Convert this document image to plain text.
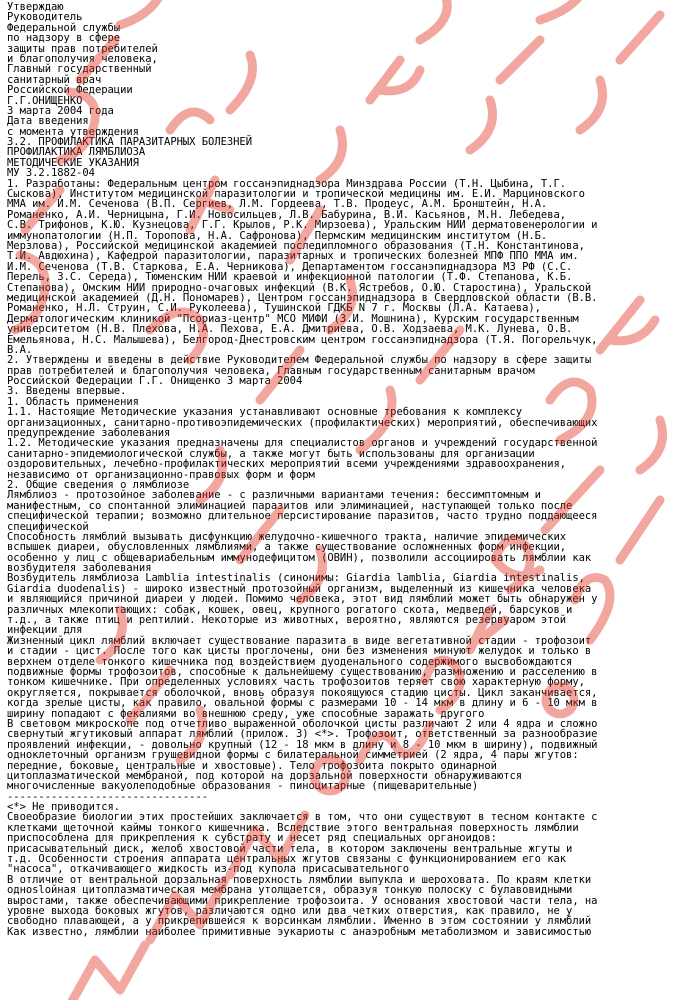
Утверждаю
Руководитель
Федеральной службы
по надзору в сфере
защиты прав потребителей
и благополучия человека,
Главный государственный
санитарный врач
Российской Федерации
Г.Г.ОНИЩЕНКО
3 марта 2004 года
Дата введения
с момента утверждения
3.2. ПРОФИЛАКТИКА ПАРАЗИТАРНЫХ БОЛЕЗНЕЙ
ПРОФИЛАКТИКА ЛЯМБЛИОЗА
МЕТОДИЧЕСКИЕ УКАЗАНИЯ
МУ 3.2.1882-04
1. Разработаны: Федеральным центром госсанэпиднадзора Минздрава России (Т.Н. Цыбина, Т.Г.
Сыскова), Институтом медицинской паразитологии и тропической медицины им. Е.И. Марциновского
ММА им. И.М. Сеченова (В.П. Сергиев, Л.М. Гордеева, Т.В. Продеус, А.М. Бронштейн, Н.А.
Романенко, А.И. Черницына, Г.И. Новосильцев, Л.В. Бабурина, В.И. Касьянов, М.Н. Лебедева,
С.В. Трифонов, К.Ю. Кузнецова, Г.Г. Крылов, Р.К. Мирзоева), Уральским НИИ дерматовенерологии и
иммунопатологии (Н.П. Торопова, Н.А. Сафронова), Пермским медицинским институтом (Н.Б.
Мерзлова), Российской медицинской академией последипломного образования (Т.Н. Константинова,
Т.И. Авдюхина), Кафедрой паразитологии, паразитарных и тропических болезней МПФ ППО ММА им.
И.М. Сеченова (Т.В. Старкова, Е.А. Черникова), Департаментом госсанэпиднадзора МЗ РФ (С.С.
Перель, З.С. Середа), Тюменским НИИ краевой и инфекционной патологии (Т.Ф. Степанова, К.Б.
Степанова), Омским НИИ природно-очаговых инфекций (В.К. Ястребов, О.Ю. Старостина), Уральской
медицинской академией (Д.Н. Пономарев), Центром госсанэпиднадзора в Свердловской области (В.В.
Романенко, Н.Л. Струин, С.И. Руколеева), Тушинской ГДКБ N 7 г. Москвы (Л.А. Катаева),
Дерматологическим клиникой "Псориаз-центр" МСО МИФИ (З.И. Мошнина), Курским государственным
университетом (Н.В. Плехова, Н.А. Пехова, Е.А. Дмитриева, О.В. Ходзаева, М.К. Лунева, О.В.
Емельянова, Н.С. Малышева), Белгород-Днестровским центром госсанэпиднадзора (Т.Я. Погорельчук,
В.А.
2. Утверждены и введены в действие Руководителем Федеральной службы по надзору в сфере защиты
прав потребителей и благополучия человека, Главным государственным санитарным врачом
Российской Федерации Г.Г. Онищенко 3 марта 2004
3. Введены впервые.
1. Область применения
1.1. Настоящие Методические указания устанавливают основные требования к комплексу
организационных, санитарно-противоэпидемических (профилактических) мероприятий, обеспечивающих
предупреждение заболевания
1.2. Методические указания предназначены для специалистов органов и учреждений государственной
санитарно-эпидемиологической службы, а также могут быть использованы для организации
оздоровительных, лечебно-профилактических мероприятий всеми учреждениями здравоохранения,
независимо от организационно-правовых форм и форм
2. Общие сведения о лямблиозе
Лямблиоз - протозойное заболевание - с различными вариантами течения: бессимптомным и
манифестным, со спонтанной элиминацией паразитов или элиминацией, наступающей только после
специфической терапии; возможно длительное персистирование паразитов, часто трудно поддающееся
специфической
Способность лямблий вызывать дисфункцию желудочно-кишечного тракта, наличие эпидемических
вспышек диареи, обусловленных лямблиями, а также существование осложненных форм инфекции,
особенно у лиц с общевариабельным иммунодефицитом (ОВИН), позволили ассоциировать лямблии как
возбудителя заболевания
Возбудитель лямблиоза Lamblia intestinalis (синонимы: Giardia lamblia, Giardia intestinalis,
Giardia duodenalis) - широко известный протозойный организм, выделенный из кишечника человека
и являющийся причиной диареи у людей. Помимо человека, этот вид лямблий может быть обнаружен у
различных млекопитающих: собак, кошек, овец, крупного рогатого скота, медведей, барсуков и
т.д., а также птиц и рептилий. Некоторые из животных, вероятно, являются резервуаром этой
инфекции для
Жизненный цикл лямблий включает существование паразита в виде вегетативной стадии - трофозоит
и стадии - цист. После того как цисты проглочены, они без изменения минуют желудок и только в
верхнем отделе тонкого кишечника под воздействием дуоденального содержимого высвобождаются
подвижные формы трофозоитов, способные к дальнейшему существованию, размножению и расселению в
тонком кишечнике. При определенных условиях часть трофозоитов теряет свою характерную форму,
округляется, покрывается оболочкой, вновь образуя покоящуюся стадию цисты. Цикл заканчивается,
когда зрелые цисты, как правило, овальной формы с размерами 10 - 14 мкм в длину и 6 - 10 мкм в
ширину попадают с фекалиями во внешнюю среду, уже способные заражать другого
В световом микроскопе под отчетливо выраженной оболочкой цисты различают 2 или 4 ядра и сложно
свернутый жгутиковый аппарат лямблий (прилож. 3) <*>. Трофозоит, ответственный за разнообразие
проявлений инфекции, - довольно крупный (12 - 18 мкм в длину и 8 - 10 мкм в ширину), подвижный
одноклеточный организм грушевидной формы с билатеральной симметрией (2 ядра, 4 пары жгутов:
передние, боковые, центральные и хвостовые). Тело трофозоита покрыто одинарной
цитоплазматической мембраной, под которой на дорзальной поверхности обнаруживаются
многочисленные вакуолеподобные образования - пиноцитарные (пищеварительные)
--------------------------------
<*> Не приводится.
Своеобразие биологии этих простейших заключается в том, что они существуют в тесном контакте с
клетками щеточной каймы тонкого кишечника. Вследствие этого вентральная поверхность лямблии
приспособлена для прикрепления к субстрату и несет ряд специальных органоидов:
присасывательный диск, желоб хвостовой части тела, в котором заключены вентральные жгуты и
т.д. Особенности строения аппарата центральных жгутов связаны с функционированием его как
"насоса", откачивающего жидкость из-под купола присасывательного
В отличие от вентральной дорзальная поверхность лямблии выпукла и шероховата. По краям клетки
одноslойная цитоплазматическая мембрана утолщается, образуя тонкую полоску с булавовидными
выростами, также обеспечивающими прикрепление трофозоита. У основания хвостовой части тела, на
уровне выхода боковых жгутов, различаются одно или два четких отверстия, как правило, не у
свободно плавающей, а у прикрепившейся к ворсинкам лямблии. Именно в этом состоянии у лямблий
Как известно, лямблии наиболее примитивные эукариоты с анаэробным метаболизмом и зависимостью
